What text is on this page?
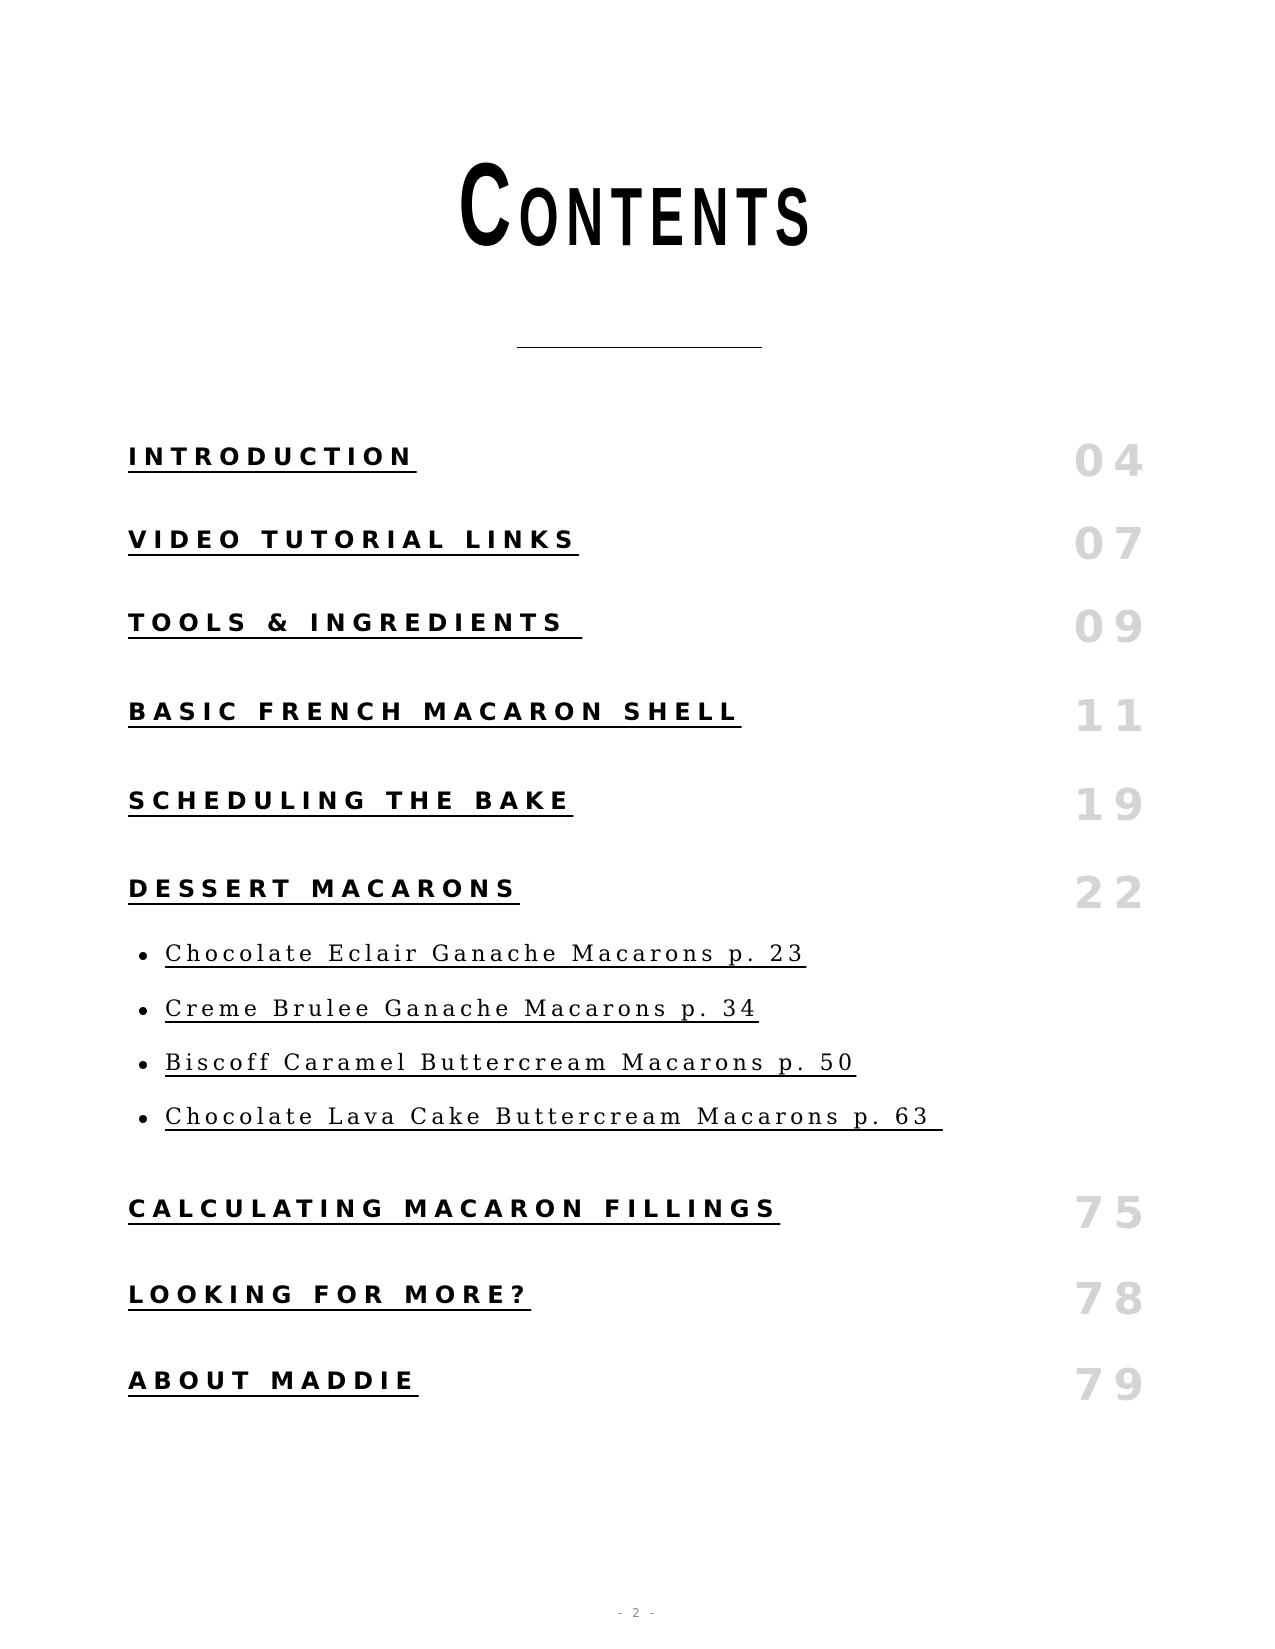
Contents
INTRODUCTION	04
VIDEO TUTORIAL LINKS	07
TOOLS & INGREDIENTS	09
BASIC FRENCH MACARON SHELL	11
SCHEDULING THE BAKE	19
DESSERT MACARONS	22
Chocolate Eclair Ganache Macarons p. 23
Creme Brulee Ganache Macarons p. 34
Biscoff Caramel Buttercream Macarons p. 50
Chocolate Lava Cake Buttercream Macarons p. 63
CALCULATING MACARON FILLINGS	75
LOOKING FOR MORE?	78
ABOUT MADDIE	79
- 2 -
